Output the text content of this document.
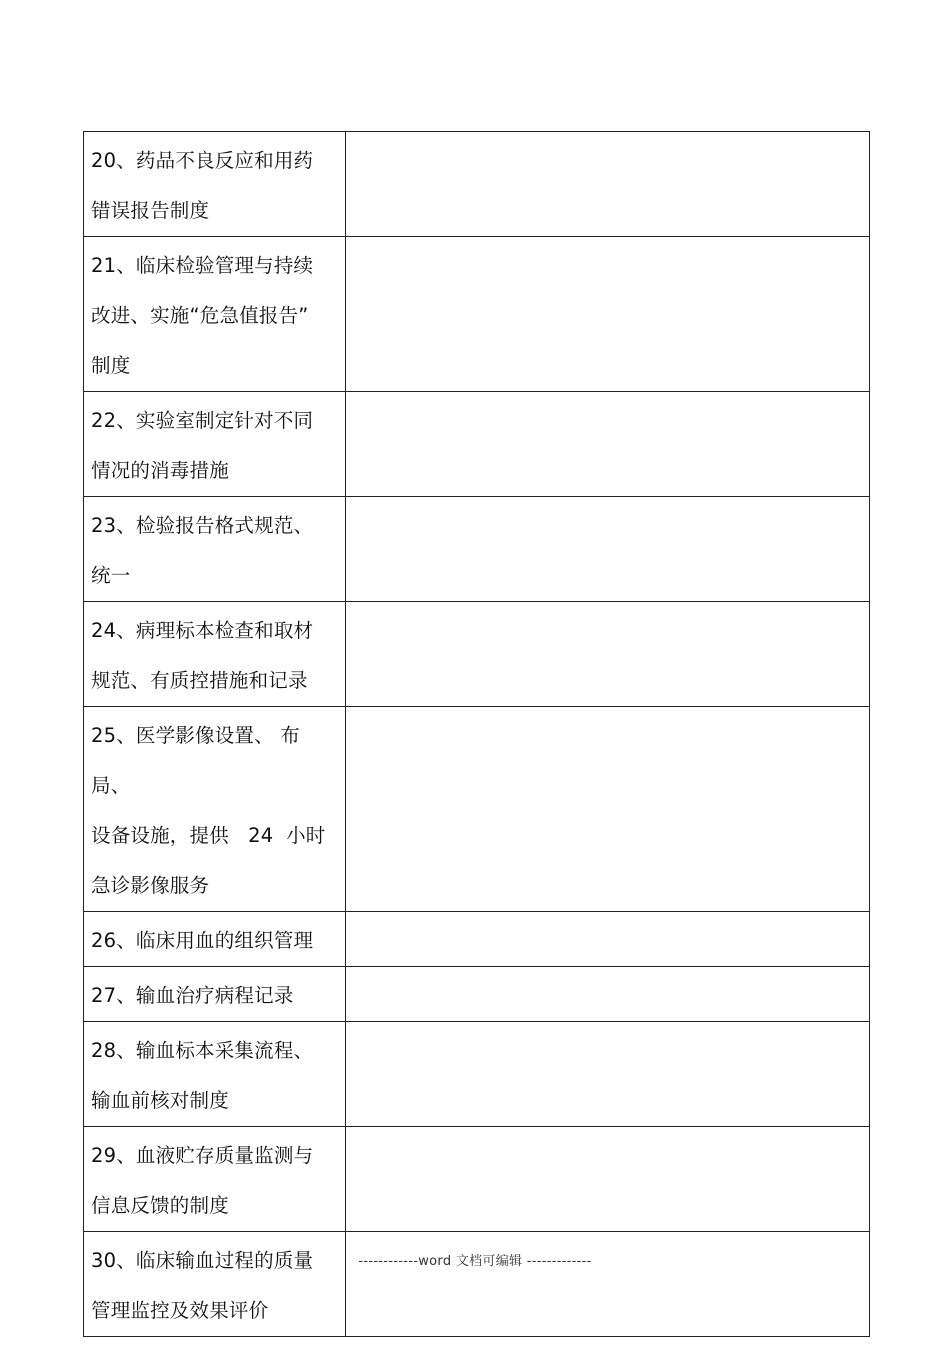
20、药品不良反应和用药
错误报告制度	

21、临床检验管理与持续
改进、实施“危急值报告”
制度	

22、实验室制定针对不同
情况的消毒措施	

23、检验报告格式规范、
统一	

24、病理标本检查和取材
规范、有质控措施和记录	

25、医学影像设置、 布局、
设备设施，提供   24  小时
急诊影像服务	

26、临床用血的组织管理	

27、输血治疗病程记录	

28、输血标本采集流程、
输血前核对制度	

29、血液贮存质量监测与
信息反馈的制度	

30、临床输血过程的质量
管理监控及效果评价	

------------word 文档可编辑 -------------
